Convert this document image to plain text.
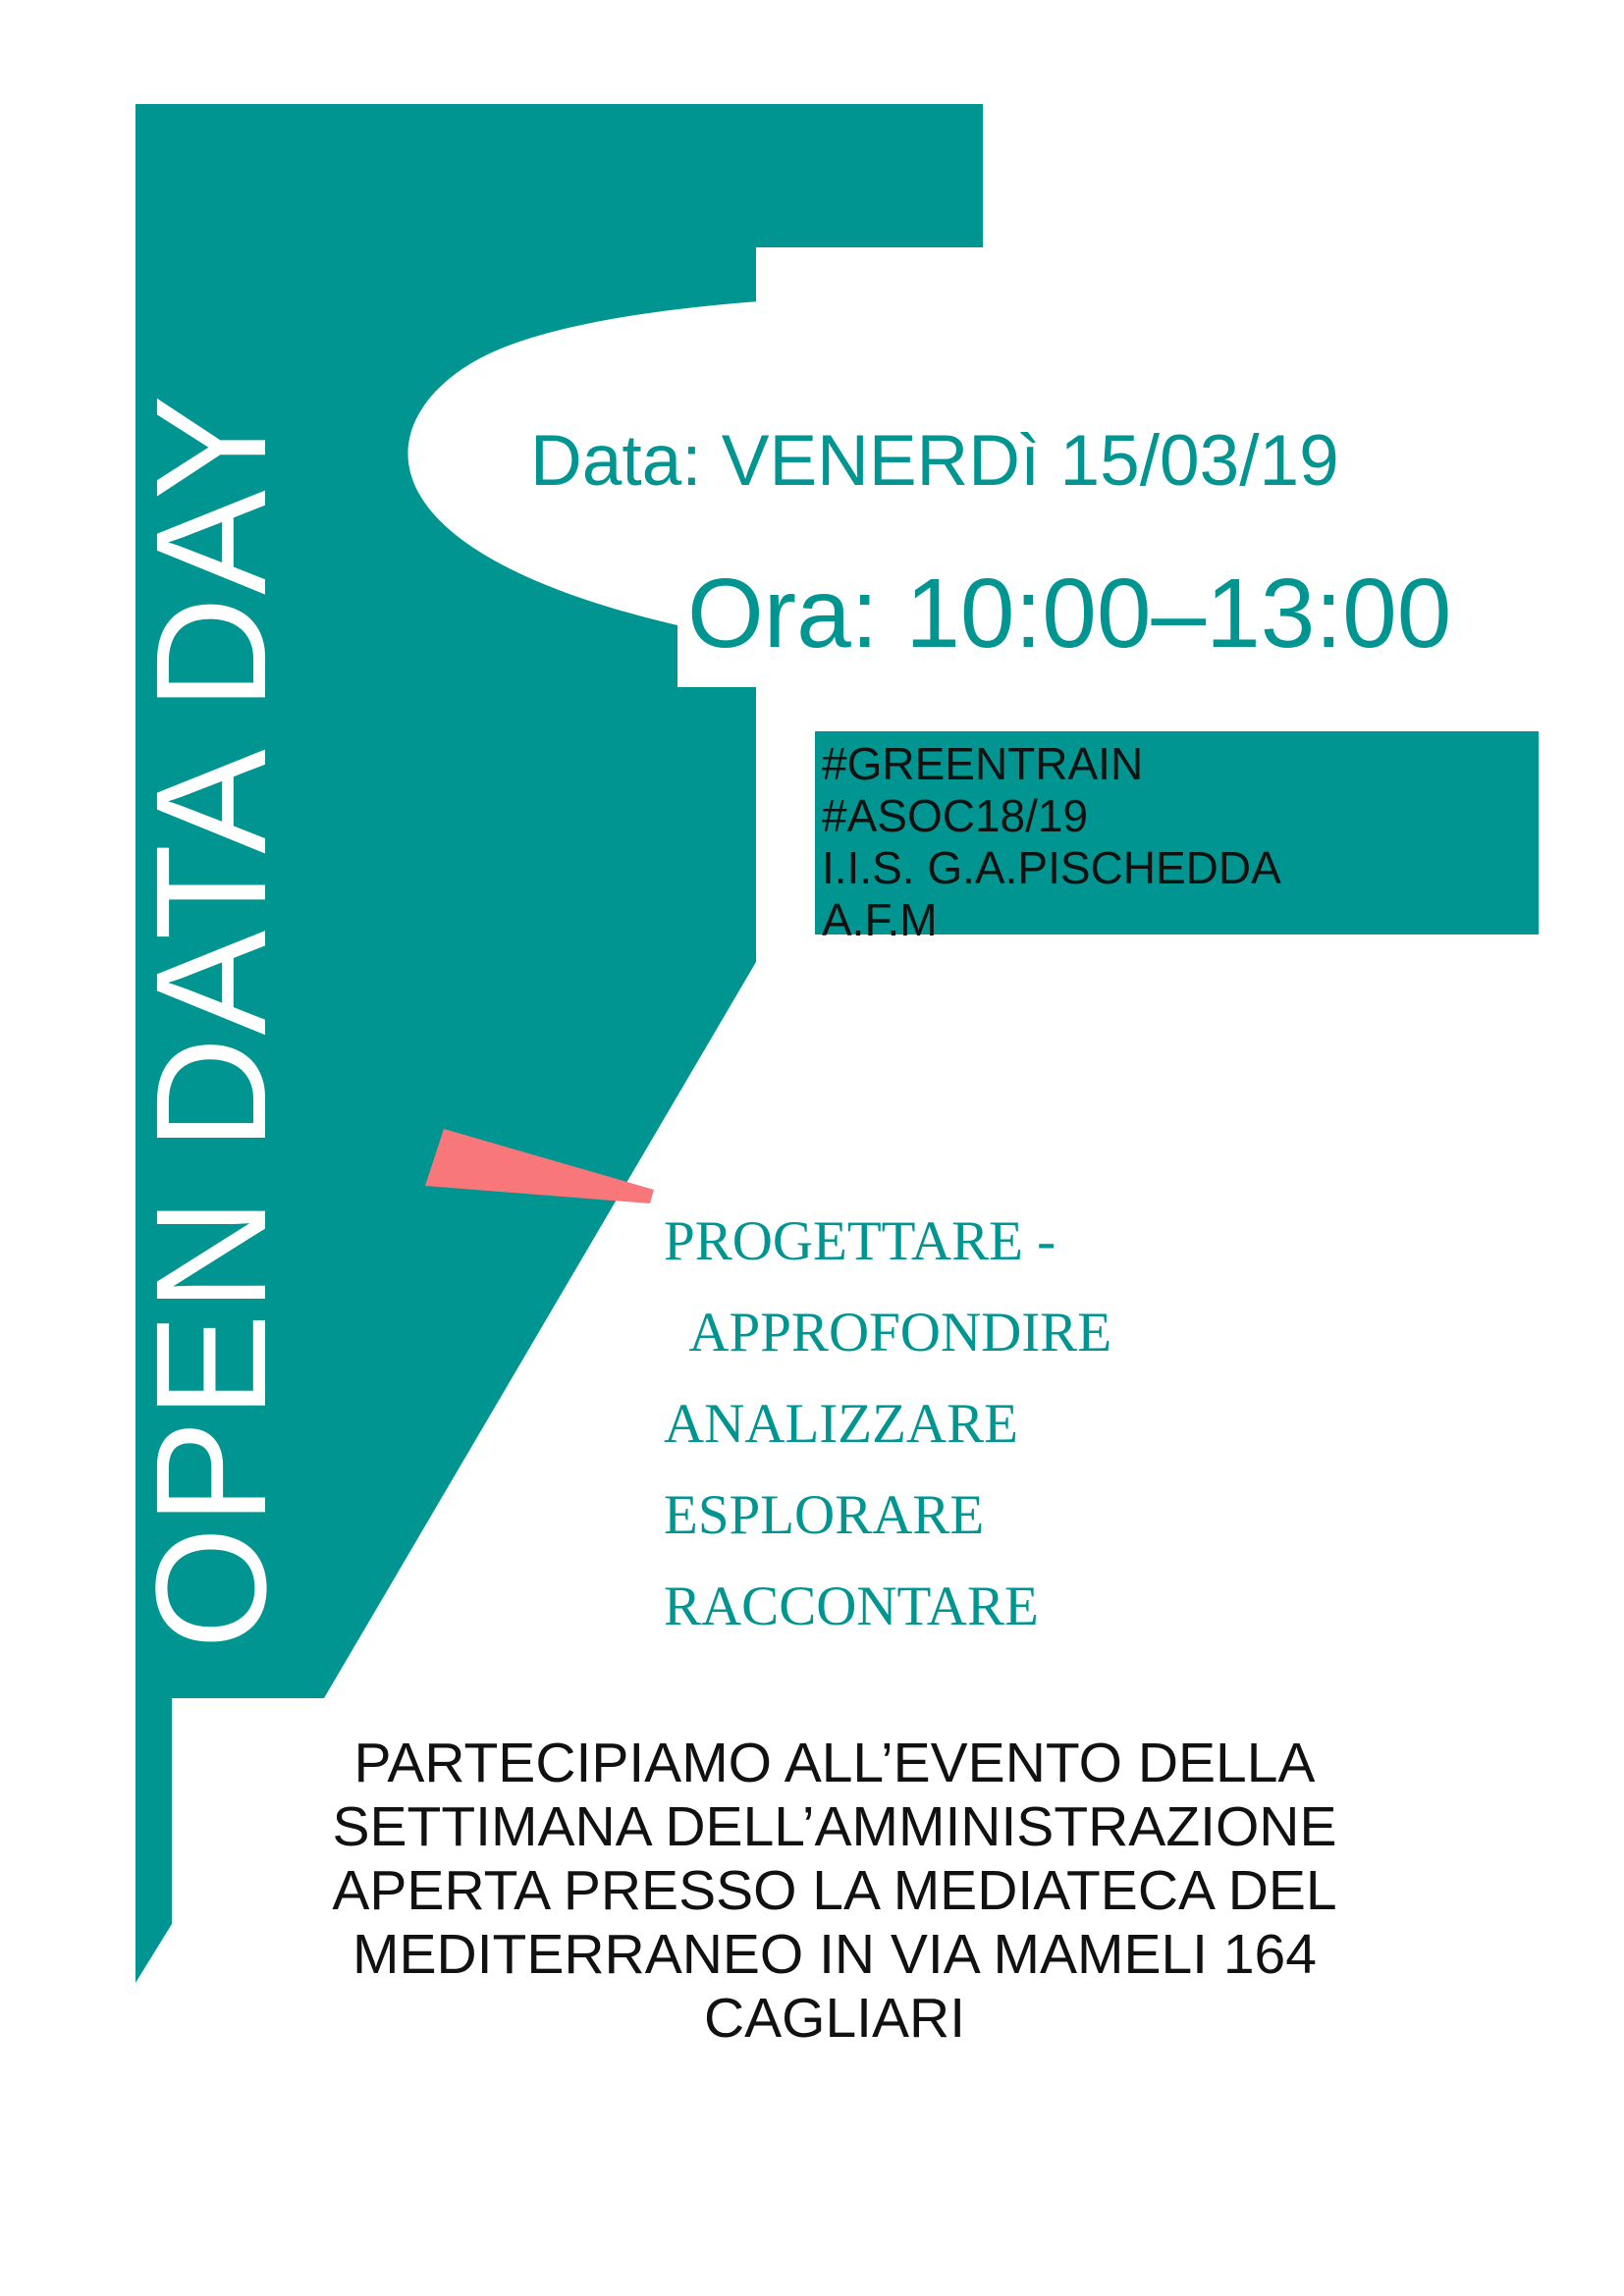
OPEN DATA DAY	Data: VENERDì 15/03/19
Ora: 10:00–13:00
#GREENTRAIN
#ASOC18/19
I.I.S. G.A.PISCHEDDA
A.F.M
PROGETTARE -
APPROFONDIRE
ANALIZZARE
ESPLORARE
RACCONTARE
PARTECIPIAMO ALL’EVENTO DELLA
SETTIMANA DELL’AMMINISTRAZIONE
APERTA PRESSO LA MEDIATECA DEL
MEDITERRANEO IN VIA MAMELI 164
CAGLIARI
